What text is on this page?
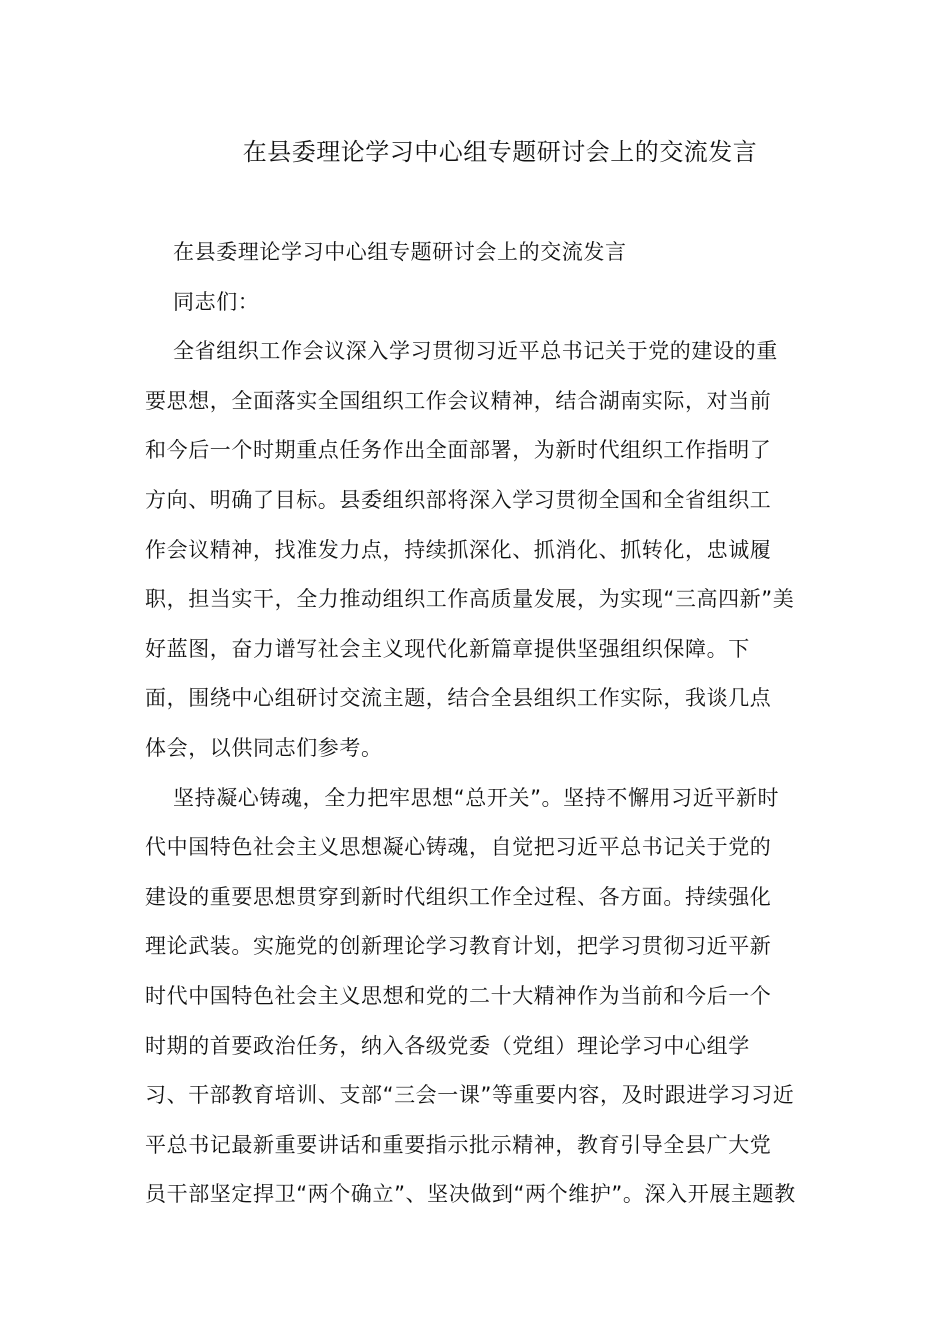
在县委理论学习中心组专题研讨会上的交流发言
在县委理论学习中心组专题研讨会上的交流发言
同志们：
全省组织工作会议深入学习贯彻习近平总书记关于党的建设的重
要思想，全面落实全国组织工作会议精神，结合湖南实际，对当前
和今后一个时期重点任务作出全面部署，为新时代组织工作指明了
方向、明确了目标。县委组织部将深入学习贯彻全国和全省组织工
作会议精神，找准发力点，持续抓深化、抓消化、抓转化，忠诚履
职，担当实干，全力推动组织工作高质量发展，为实现“三高四新”美
好蓝图，奋力谱写社会主义现代化新篇章提供坚强组织保障。下
面，围绕中心组研讨交流主题，结合全县组织工作实际，我谈几点
体会，以供同志们参考。
坚持凝心铸魂，全力把牢思想“总开关”。坚持不懈用习近平新时
代中国特色社会主义思想凝心铸魂，自觉把习近平总书记关于党的
建设的重要思想贯穿到新时代组织工作全过程、各方面。持续强化
理论武装。实施党的创新理论学习教育计划，把学习贯彻习近平新
时代中国特色社会主义思想和党的二十大精神作为当前和今后一个
时期的首要政治任务，纳入各级党委（党组）理论学习中心组学
习、干部教育培训、支部“三会一课”等重要内容，及时跟进学习习近
平总书记最新重要讲话和重要指示批示精神，教育引导全县广大党
员干部坚定捍卫“两个确立”、坚决做到“两个维护”。深入开展主题教
